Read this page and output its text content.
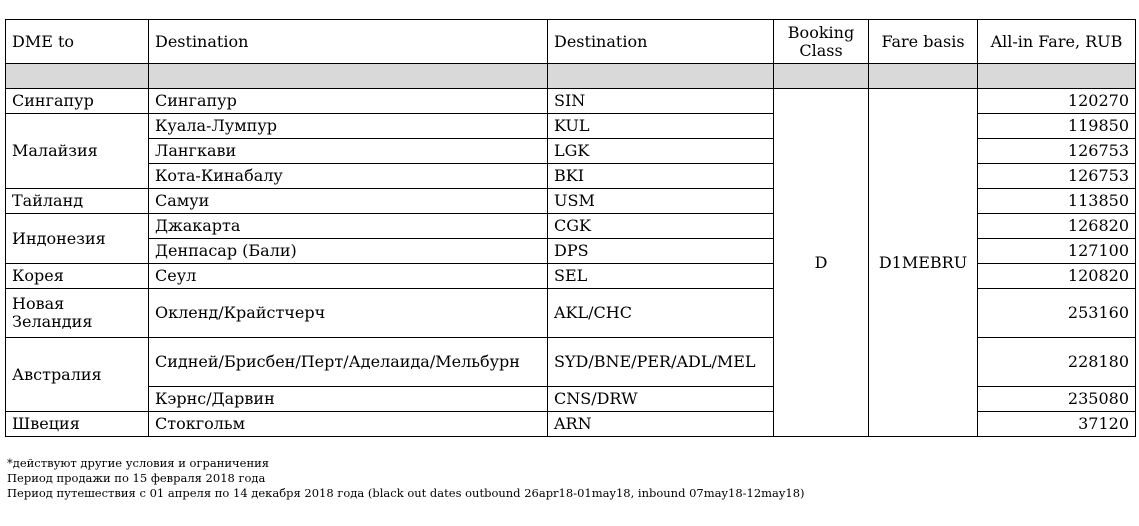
DME to	Destination	Destination	Booking Class	Fare basis	All-in Fare, RUB

Сингапур	Сингапур	SIN	D	D1MEBRU	120270
Малайзия	Куала-Лумпур	KUL			119850
	Лангкави	LGK			126753
	Кота-Кинабалу	BKI			126753
Тайланд	Самуи	USM			113850
Индонезия	Джакарта	CGK			126820
	Денпасар (Бали)	DPS			127100
Корея	Сеул	SEL			120820
Новая Зеландия	Окленд/Крайстчерч	AKL/CHC			253160
Австралия	Сидней/Брисбен/Перт/Аделаида/Мельбурн	SYD/BNE/PER/ADL/MEL			228180
	Кэрнс/Дарвин	CNS/DRW			235080
Швеция	Стокгольм	ARN			37120
*действуют другие условия и ограничения
Период продажи по 15 февраля 2018 года
Период путешествия с 01 апреля по 14 декабря 2018 года (black out dates outbound 26apr18-01may18, inbound 07may18-12may18)
